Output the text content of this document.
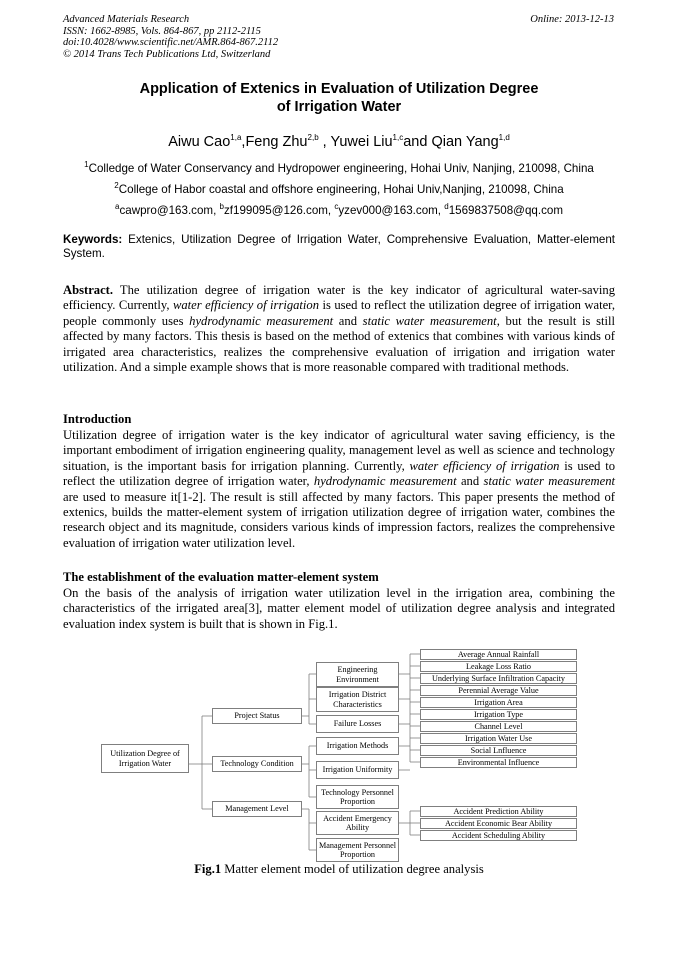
Advanced Materials Research
ISSN: 1662-8985, Vols. 864-867, pp 2112-2115
doi:10.4028/www.scientific.net/AMR.864-867.2112
© 2014 Trans Tech Publications Ltd, Switzerland
Online: 2013-12-13
Application of Extenics in Evaluation of Utilization Degree
of Irrigation Water
Aiwu Cao$^{1,a}$,Feng Zhu$^{2,b}$ , Yuwei Liu$^{1,c}$and Qian Yang$^{1,d}$
$^1$Colledge of Water Conservancy and Hydropower engineering, Hohai Univ, Nanjing, 210098, China
$^2$College of Habor coastal and offshore engineering, Hohai Univ,Nanjing, 210098, China
$^a$cawpro@163.com, $^b$zf199095@126.com, $^c$yzev000@163.com, $^d$1569837508@qq.com
Keywords: Extenics, Utilization Degree of Irrigation Water, Comprehensive Evaluation, Matter-element System.
Abstract. The utilization degree of irrigation water is the key indicator of agricultural water-saving efficiency. Currently, water efficiency of irrigation is used to reflect the utilization degree of irrigation water, people commonly uses hydrodynamic measurement and static water measurement, but the result is still affected by many factors. This thesis is based on the method of extenics that combines with various kinds of irrigated area characteristics, realizes the comprehensive evaluation of irrigation and irrigation water utilization. And a simple example shows that is more reasonable compared with traditional methods.
Introduction
Utilization degree of irrigation water is the key indicator of agricultural water saving efficiency, is the important embodiment of irrigation engineering quality, management level as well as science and technology situation, is the important basis for irrigation planning. Currently, water efficiency of irrigation is used to reflect the utilization degree of irrigation water, hydrodynamic measurement and static water measurement are used to measure it[1-2]. The result is still affected by many factors. This paper presents the method of extenics, builds the matter-element system of irrigation utilization degree of irrigation water, combines the research object and its magnitude, considers various kinds of impression factors, realizes the comprehensive evaluation of irrigation water utilization level.
The establishment of the evaluation matter-element system
On the basis of the analysis of irrigation water utilization level in the irrigation area, combining the characteristics of the irrigated area[3], matter element model of utilization degree analysis and integrated evaluation index system is built that is shown in Fig.1.
Utilization Degree of Irrigation Water
Project Status
Technology Condition
Management Level
Engineering Environment
Irrigation District Characteristics
Failure Losses
Irrigation Methods
Irrigation Uniformity
Technology Personnel Proportion
Accident Emergency Ability
Management Personnel Proportion
Average Annual Rainfall
Leakage Loss Ratio
Underlying Surface Infiltration Capacity
Perennial Average Value
Irrigation Area
Irrigation Type
Channel Level
Irrigation Water Use
Social Lnfluence
Environmental Influence
Accident Prediction Ability
Accident Economic Bear Ability
Accident Scheduling Ability
Fig.1 Matter element model of utilization degree analysis
